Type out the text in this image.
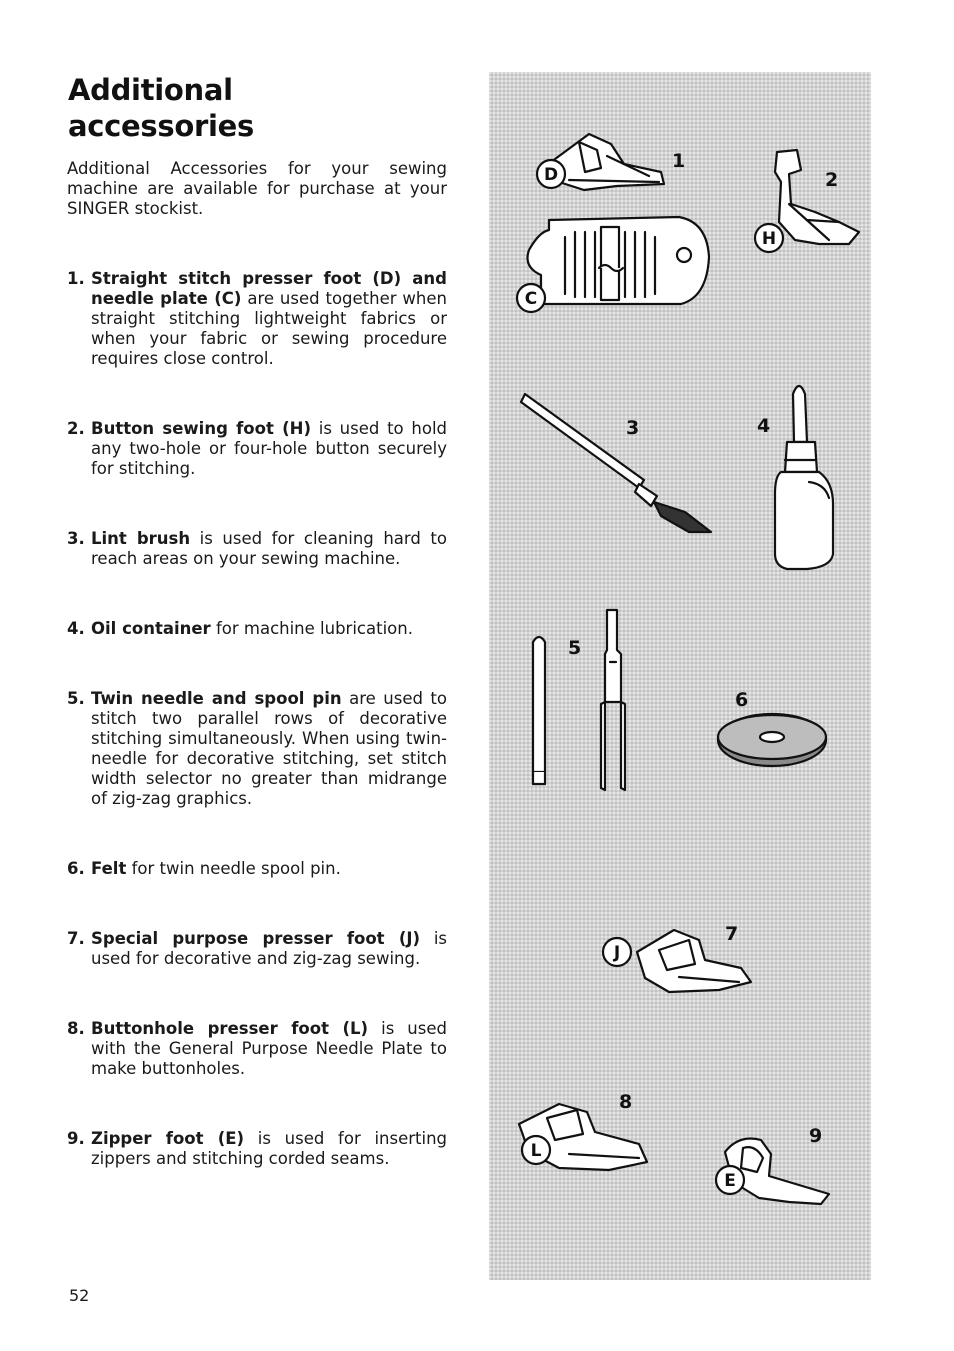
Additional
accessories

Additional Accessories for your sewing machine are available for purchase at your SINGER stockist.

1. Straight stitch presser foot (D) and needle plate (C) are used together when straight stitching lightweight fabrics or when your fabric or sewing procedure requires close control.
2. Button sewing foot (H) is used to hold any two-hole or four-hole button securely for stitching.
3. Lint brush is used for cleaning hard to reach areas on your sewing machine.
4. Oil container for machine lubrication.
5. Twin needle and spool pin are used to stitch two parallel rows of decorative stitching simultaneously. When using twin-needle for decorative stitching, set stitch width selector no greater than midrange of zig-zag graphics.
6. Felt for twin needle spool pin.
7. Special purpose presser foot (J) is used for decorative and zig-zag sewing.
8. Buttonhole presser foot (L) is used with the General Purpose Needle Plate to make buttonholes.
9. Zipper foot (E) is used for inserting zippers and stitching corded seams.
52
D
1
C
H
2
3	4
5
6
J
7
L
8
E
9
